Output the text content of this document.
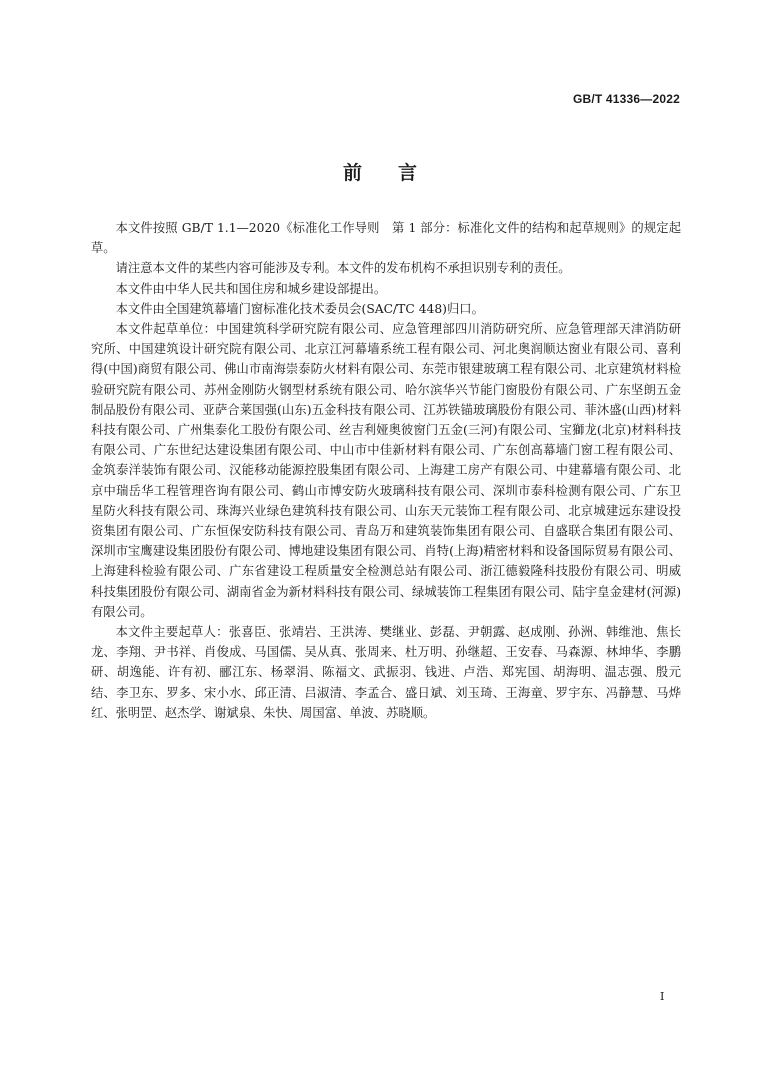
GB/T 41336—2022
前言

本文件按照 GB/T 1.1—2020《标准化工作导则　第 1 部分：标准化文件的结构和起草规则》的规定起草。

请注意本文件的某些内容可能涉及专利。本文件的发布机构不承担识别专利的责任。

本文件由中华人民共和国住房和城乡建设部提出。

本文件由全国建筑幕墙门窗标准化技术委员会(SAC/TC 448)归口。

本文件起草单位：中国建筑科学研究院有限公司、应急管理部四川消防研究所、应急管理部天津消防研究所、中国建筑设计研究院有限公司、北京江河幕墙系统工程有限公司、河北奥润顺达窗业有限公司、喜利得(中国)商贸有限公司、佛山市南海崇泰防火材料有限公司、东莞市银建玻璃工程有限公司、北京建筑材料检验研究院有限公司、苏州金刚防火钢型材系统有限公司、哈尔滨华兴节能门窗股份有限公司、广东坚朗五金制品股份有限公司、亚萨合莱国强(山东)五金科技有限公司、江苏铁锚玻璃股份有限公司、菲沐盛(山西)材料科技有限公司、广州集泰化工股份有限公司、丝吉利娅奥彼窗门五金(三河)有限公司、宝獅龙(北京)材料科技有限公司、广东世纪达建设集团有限公司、中山市中佳新材料有限公司、广东创高幕墙门窗工程有限公司、金筑泰洋装饰有限公司、汉能移动能源控股集团有限公司、上海建工房产有限公司、中建幕墙有限公司、北京中瑞岳华工程管理咨询有限公司、鹤山市博安防火玻璃科技有限公司、深圳市泰科检测有限公司、广东卫星防火科技有限公司、珠海兴业绿色建筑科技有限公司、山东天元装饰工程有限公司、北京城建远东建设投资集团有限公司、广东恒保安防科技有限公司、青岛万和建筑装饰集团有限公司、自盛联合集团有限公司、深圳市宝鹰建设集团股份有限公司、博地建设集团有限公司、肖特(上海)精密材料和设备国际贸易有限公司、上海建科检验有限公司、广东省建设工程质量安全检测总站有限公司、浙江德毅隆科技股份有限公司、明威科技集团股份有限公司、湖南省金为新材料科技有限公司、绿城装饰工程集团有限公司、陆宇皇金建材(河源)有限公司。

本文件主要起草人：张喜臣、张靖岩、王洪涛、樊继业、彭磊、尹朝露、赵成刚、孙洲、韩维池、焦长龙、李翔、尹书祥、肖俊成、马国儒、吴从真、张周来、杜万明、孙继超、王安春、马森源、林坤华、李鹏研、胡逸能、许有初、郦江东、杨翠涓、陈福文、武振羽、钱进、卢浩、郑宪国、胡海明、温志强、殷元结、李卫东、罗多、宋小水、邱正清、吕淑清、李孟合、盛日斌、刘玉琦、王海童、罗宇东、冯静慧、马烨红、张明罡、赵杰学、谢斌泉、朱快、周国富、单波、苏晓顺。

I
